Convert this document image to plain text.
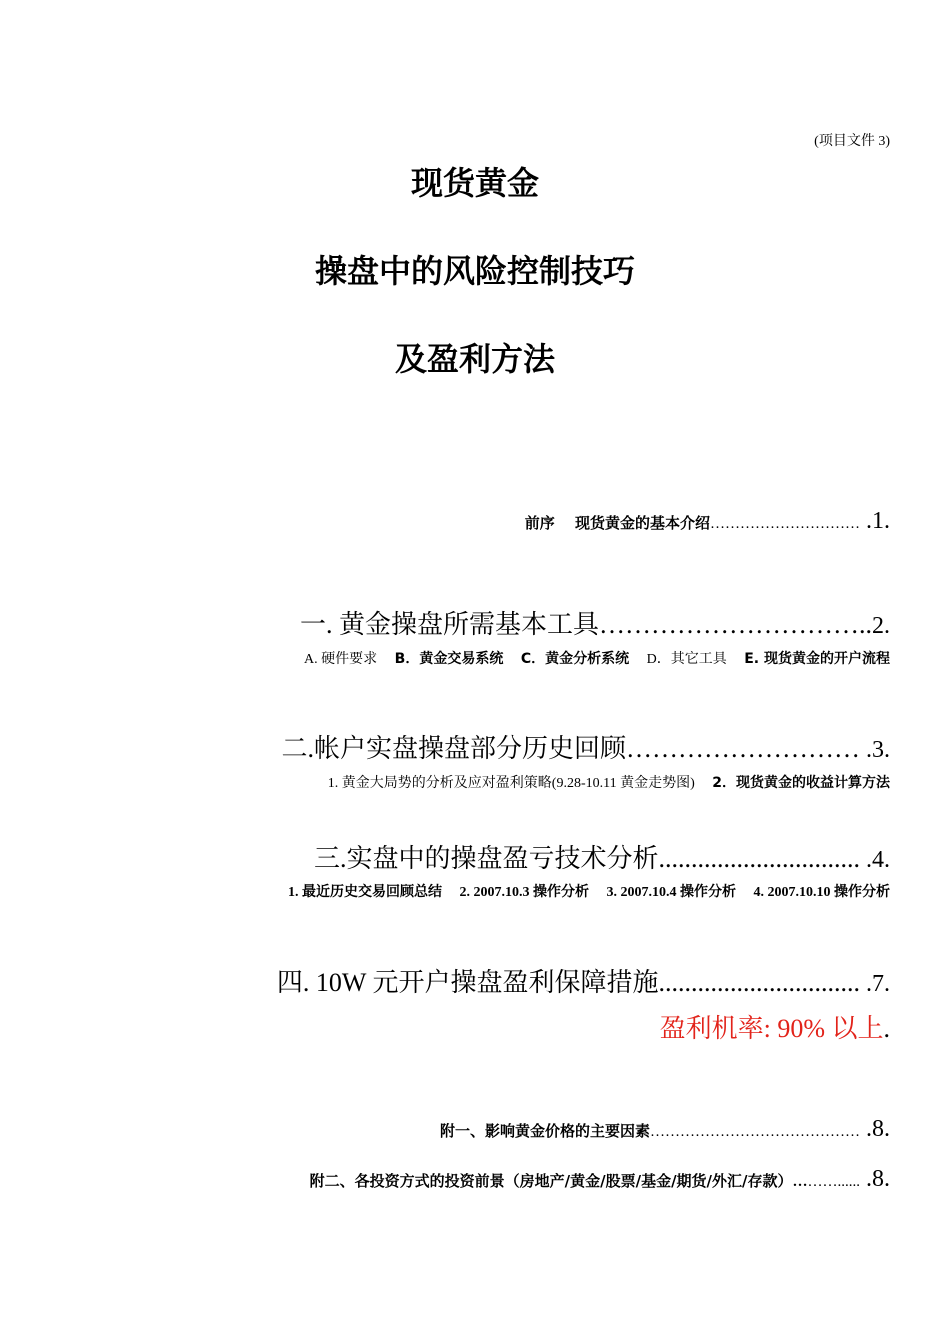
(项目文件 3)
现货黄金
操盘中的风险控制技巧
及盈利方法
前序　 现货黄金的基本介绍………………………… .1.
一. 黄金操盘所需基本工具…………………………..2.
A. 硬件要求 B．黄金交易系统 C．黄金分析系统 D．其它工具 E. 现货黄金的开户流程
二.帐户实盘操盘部分历史回顾……………………… .3.
1. 黄金大局势的分析及应对盈利策略(9.28-10.11 黄金走势图) 2．现货黄金的收益计算方法
三.实盘中的操盘盈亏技术分析............................... .4.
1. 最近历史交易回顾总结 2. 2007.10.3 操作分析 3. 2007.10.4 操作分析 4. 2007.10.10 操作分析
四. 10W 元开户操盘盈利保障措施............................... .7.
盈利机率: 90% 以上.
附一、影响黄金价格的主要因素…………………………………… .8.
附二、各投资方式的投资前景（房地产/黄金/股票/基金/期货/外汇/存款）………...... .8.
